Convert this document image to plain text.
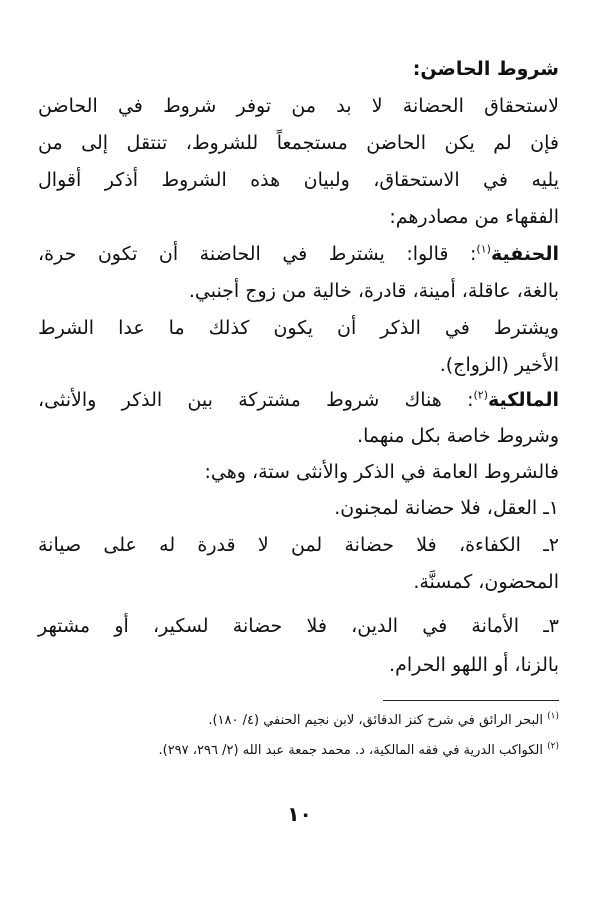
شروط الحاضن:
لاستحقاق الحضانة لا بد من توفر شروط في الحاضن
فإن لم يكن الحاضن مستجمعاً للشروط، تنتقل إلى من
يليه في الاستحقاق، ولبيان هذه الشروط أذكر أقوال
الفقهاء من مصادرهم:
الحنفية$^{(١)}$: قالوا: يشترط في الحاضنة أن تكون حرة،
بالغة، عاقلة، أمينة، قادرة، خالية من زوج أجنبي.
ويشترط في الذكر أن يكون كذلك ما عدا الشرط
الأخير (الزواج).
المالكية$^{(٢)}$: هناك شروط مشتركة بين الذكر والأنثى،
وشروط خاصة بكل منهما.
فالشروط العامة في الذكر والأنثى ستة، وهي:
١ـ العقل، فلا حضانة لمجنون.
٢ـ الكفاءة، فلا حضانة لمن لا قدرة له على صيانة
المحضون، كمسنَّة.
٣ـ الأمانة في الدين، فلا حضانة لسكير، أو مشتهر
بالزنا، أو اللهو الحرام.
$^{(١)}$ البحر الرائق في شرح كنز الدقائق، لابن نجيم الحنفي (٤/ ١٨٠).
$^{(٢)}$ الكواكب الدرية في فقه المالكية، د. محمد جمعة عبد الله (٢/ ٢٩٦، ٢٩٧).
١٠
